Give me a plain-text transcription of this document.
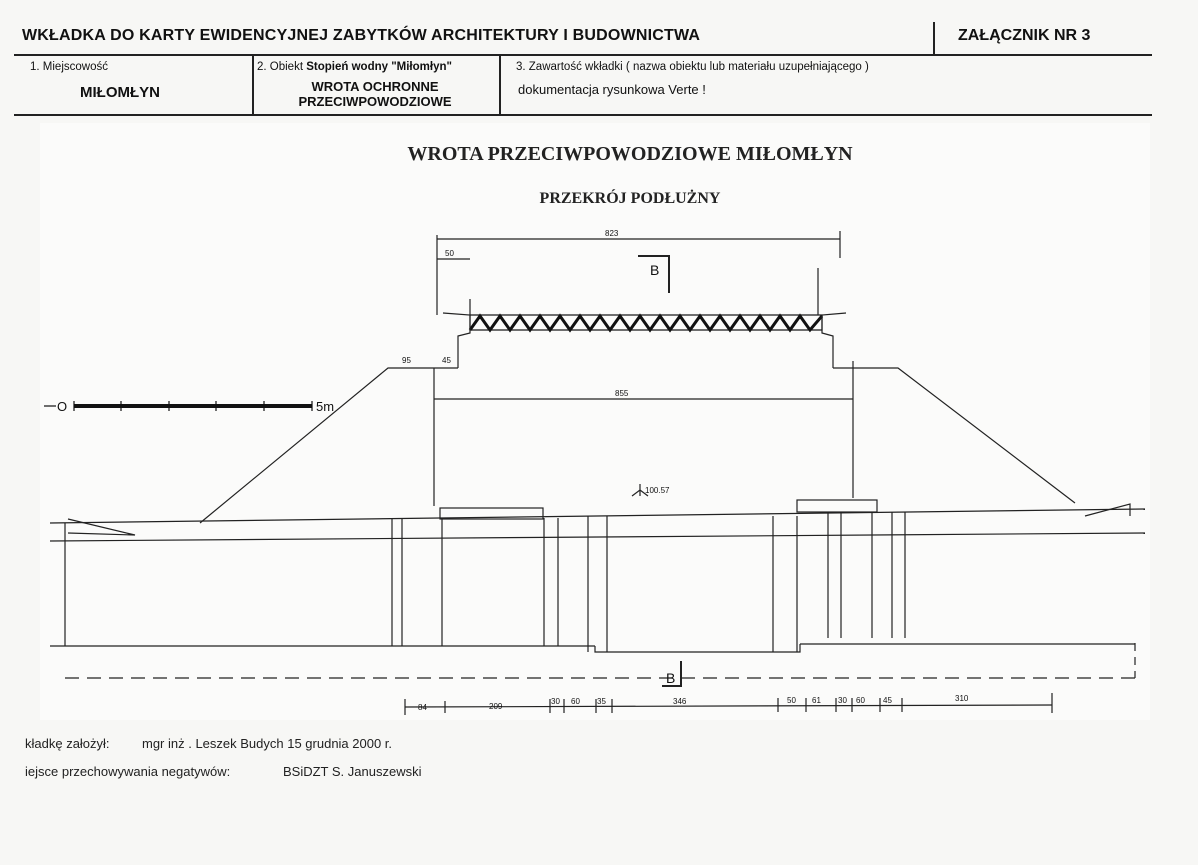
WKŁADKA DO KARTY EWIDENCYJNEJ ZABYTKÓW ARCHITEKTURY I BUDOWNICTWA	ZAŁĄCZNIK NR 3
1. Miejscowość
MIŁOMŁYN
2. Obiekt Stopień wodny "Miłomłyn"
WROTA OCHRONNE
PRZECIWPOWODZIOWE
3. Zawartość wkładki ( nazwa obiektu lub materiału uzupełniającego )
dokumentacja rysunkowa Verte !
O	5m
823
50
95	45
855
100.57
B
B
84	209
30 60 35	346	50 61 30 60 45	310
WROTA PRZECIWPOWODZIOWE MIŁOMŁYN
PRZEKRÓJ PODŁUŻNY
kładkę założył: mgr inż . Leszek Budych 15 grudnia 2000 r.
iejsce przechowywania negatywów:	BSiDZT S. Januszewski
